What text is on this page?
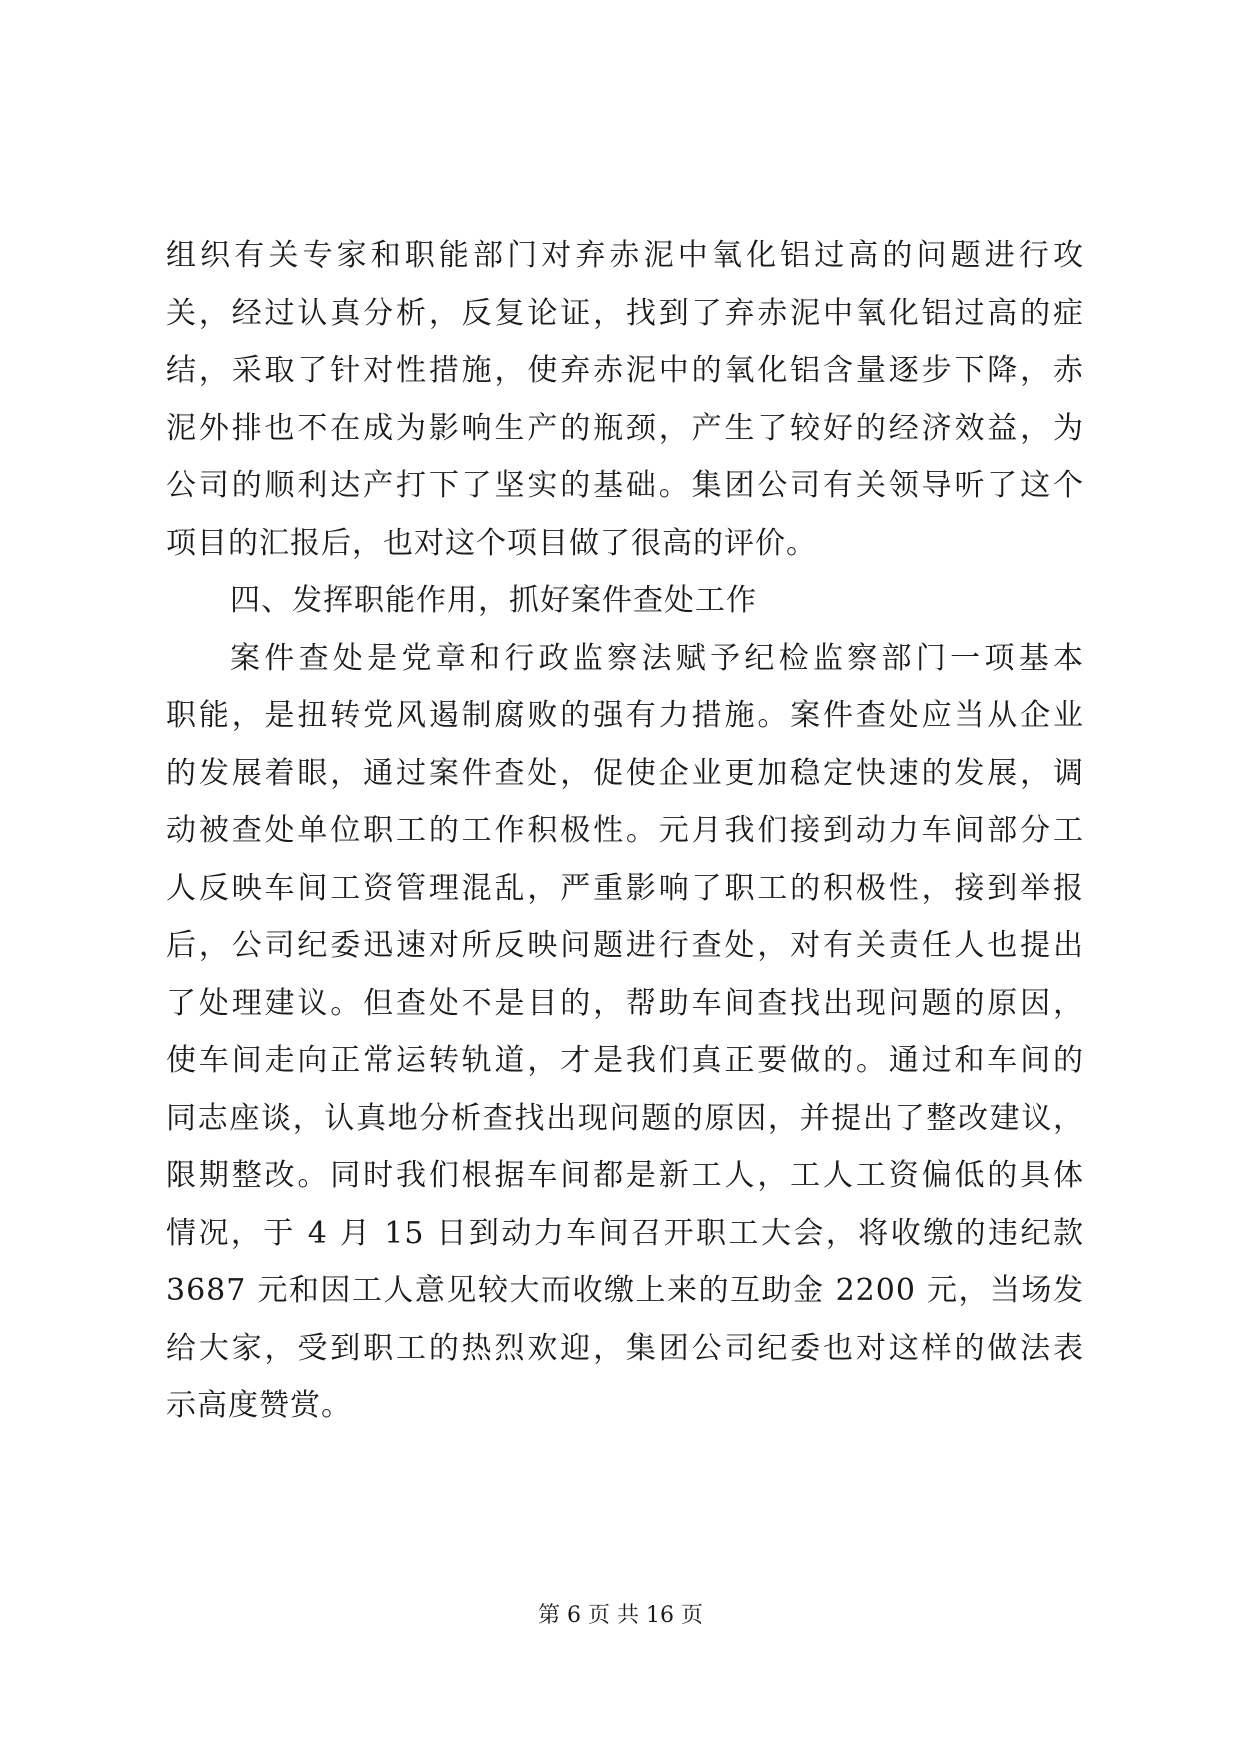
组织有关专家和职能部门对弃赤泥中氧化铝过高的问题进行攻
关，经过认真分析，反复论证，找到了弃赤泥中氧化铝过高的症
结，采取了针对性措施，使弃赤泥中的氧化铝含量逐步下降，赤
泥外排也不在成为影响生产的瓶颈，产生了较好的经济效益，为
公司的顺利达产打下了坚实的基础。集团公司有关领导听了这个
项目的汇报后，也对这个项目做了很高的评价。
四、发挥职能作用，抓好案件查处工作
案件查处是党章和行政监察法赋予纪检监察部门一项基本
职能，是扭转党风遏制腐败的强有力措施。案件查处应当从企业
的发展着眼，通过案件查处，促使企业更加稳定快速的发展，调
动被查处单位职工的工作积极性。元月我们接到动力车间部分工
人反映车间工资管理混乱，严重影响了职工的积极性，接到举报
后，公司纪委迅速对所反映问题进行查处，对有关责任人也提出
了处理建议。但查处不是目的，帮助车间查找出现问题的原因，
使车间走向正常运转轨道，才是我们真正要做的。通过和车间的
同志座谈，认真地分析查找出现问题的原因，并提出了整改建议，
限期整改。同时我们根据车间都是新工人，工人工资偏低的具体
情况，于 4 月 15 日到动力车间召开职工大会，将收缴的违纪款
3687 元和因工人意见较大而收缴上来的互助金 2200 元，当场发
给大家，受到职工的热烈欢迎，集团公司纪委也对这样的做法表
示高度赞赏。
第 6 页 共 16 页
